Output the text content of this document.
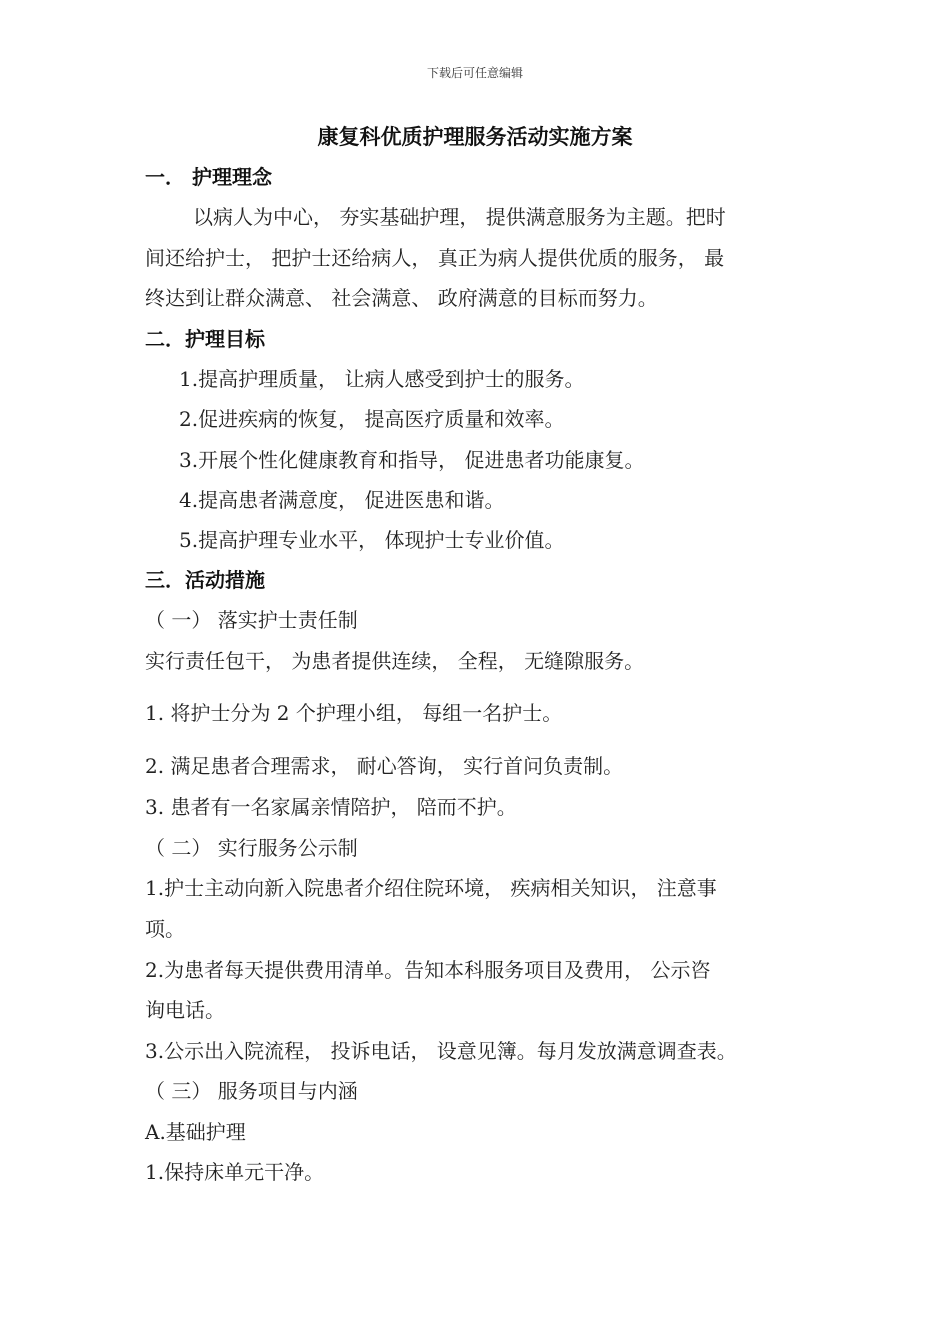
下载后可任意编辑
康复科优质护理服务活动实施方案
一． 护理理念
以病人为中心， 夯实基础护理， 提供满意服务为主题。把时
间还给护士， 把护士还给病人， 真正为病人提供优质的服务， 最
终达到让群众满意、 社会满意、 政府满意的目标而努力。
二．护理目标
1.提高护理质量， 让病人感受到护士的服务。
2.促进疾病的恢复， 提高医疗质量和效率。
3.开展个性化健康教育和指导， 促进患者功能康复。
4.提高患者满意度， 促进医患和谐。
5.提高护理专业水平， 体现护士专业价值。
三．活动措施
（ 一） 落实护士责任制
实行责任包干， 为患者提供连续， 全程， 无缝隙服务。
1. 将护士分为 2 个护理小组， 每组一名护士。
2. 满足患者合理需求， 耐心答询， 实行首问负责制。
3. 患者有一名家属亲情陪护， 陪而不护。
（ 二） 实行服务公示制
1.护士主动向新入院患者介绍住院环境， 疾病相关知识， 注意事
项。
2.为患者每天提供费用清单。告知本科服务项目及费用， 公示咨
询电话。
3.公示出入院流程， 投诉电话， 设意见簿。每月发放满意调查表。
（ 三） 服务项目与内涵
A.基础护理
1.保持床单元干净。
